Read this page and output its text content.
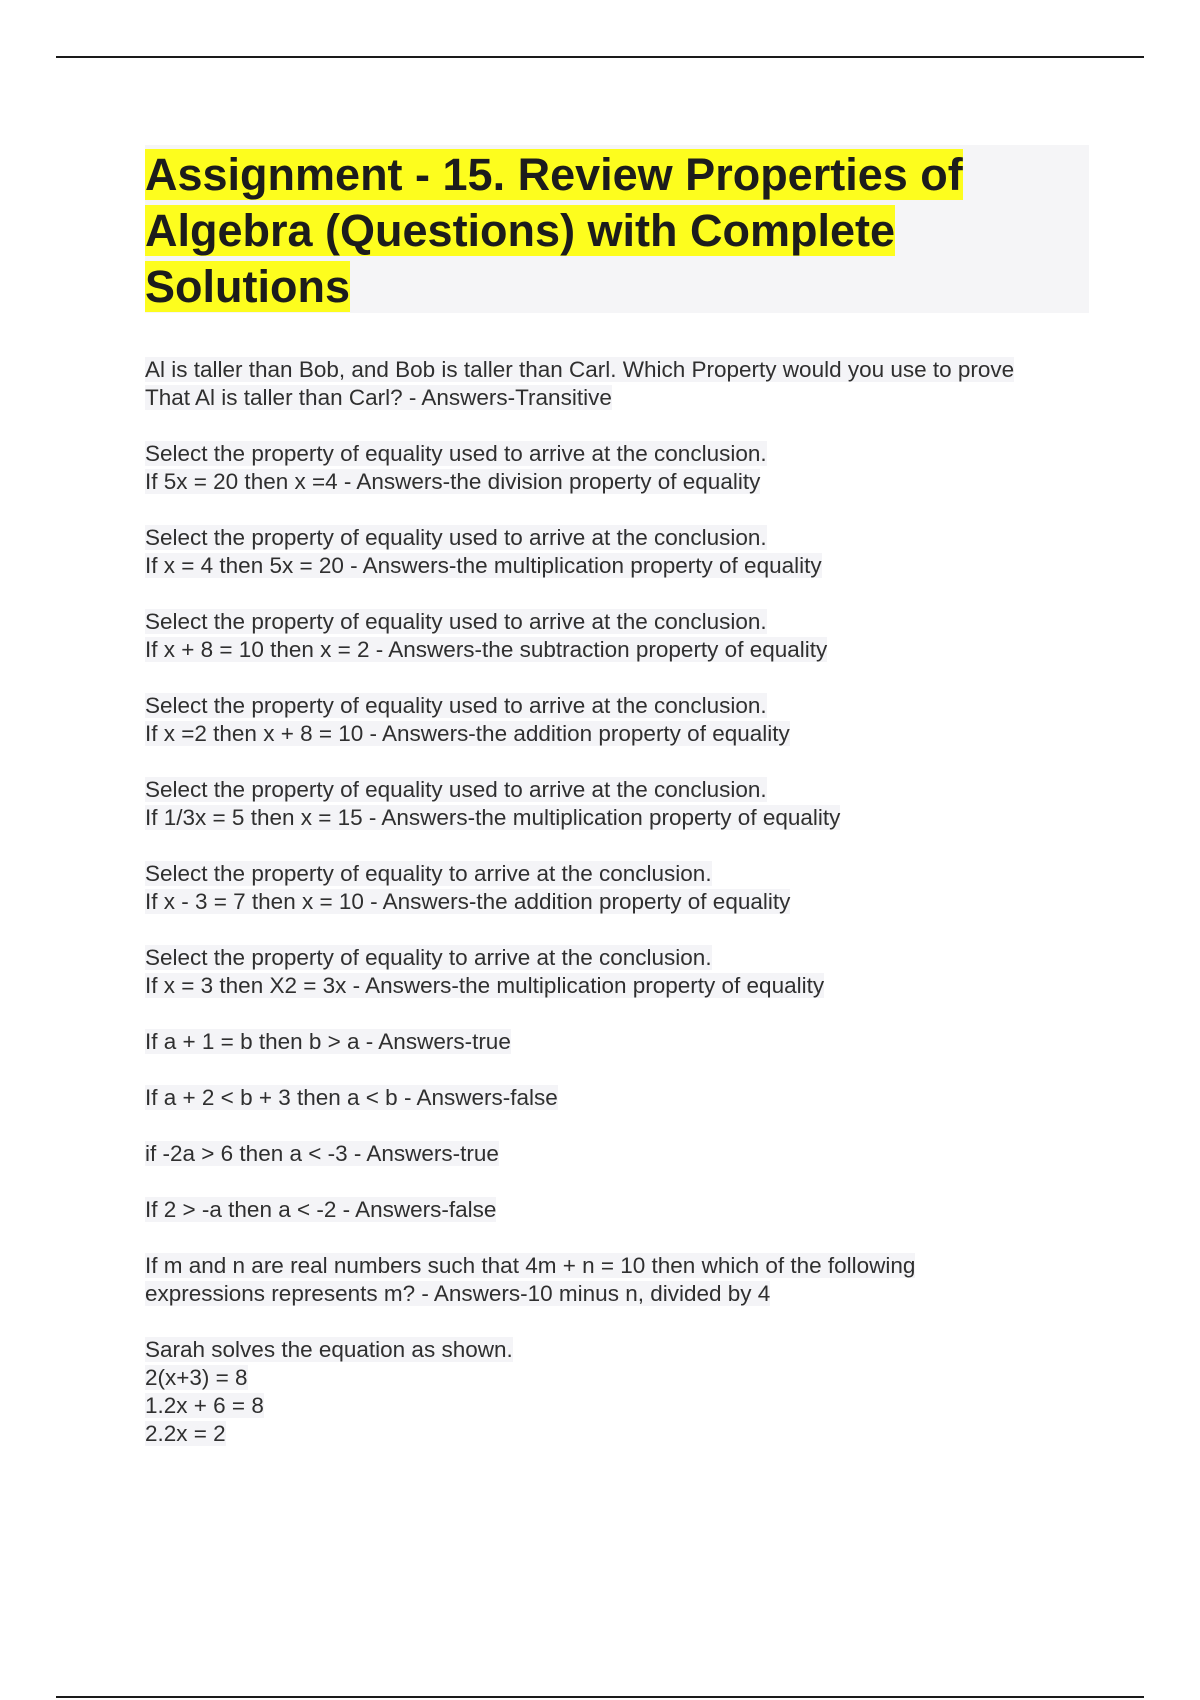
Assignment - 15. Review Properties of
Algebra (Questions) with Complete
Solutions
Al is taller than Bob, and Bob is taller than Carl. Which Property would you use to prove
That Al is taller than Carl? - Answers-Transitive
Select the property of equality used to arrive at the conclusion.
If 5x = 20 then x =4 - Answers-the division property of equality
Select the property of equality used to arrive at the conclusion.
If x = 4 then 5x = 20 - Answers-the multiplication property of equality
Select the property of equality used to arrive at the conclusion.
If x + 8 = 10 then x = 2 - Answers-the subtraction property of equality
Select the property of equality used to arrive at the conclusion.
If x =2 then x + 8 = 10 - Answers-the addition property of equality
Select the property of equality used to arrive at the conclusion.
If 1/3x = 5 then x = 15 - Answers-the multiplication property of equality
Select the property of equality to arrive at the conclusion.
If x - 3 = 7 then x = 10 - Answers-the addition property of equality
Select the property of equality to arrive at the conclusion.
If x = 3 then X2 = 3x - Answers-the multiplication property of equality
If a + 1 = b then b > a - Answers-true
If a + 2 < b + 3 then a < b - Answers-false
if -2a > 6 then a < -3 - Answers-true
If 2 > -a then a < -2 - Answers-false
If m and n are real numbers such that 4m + n = 10 then which of the following
expressions represents m? - Answers-10 minus n, divided by 4
Sarah solves the equation as shown.
2(x+3) = 8
1.2x + 6 = 8
2.2x = 2
